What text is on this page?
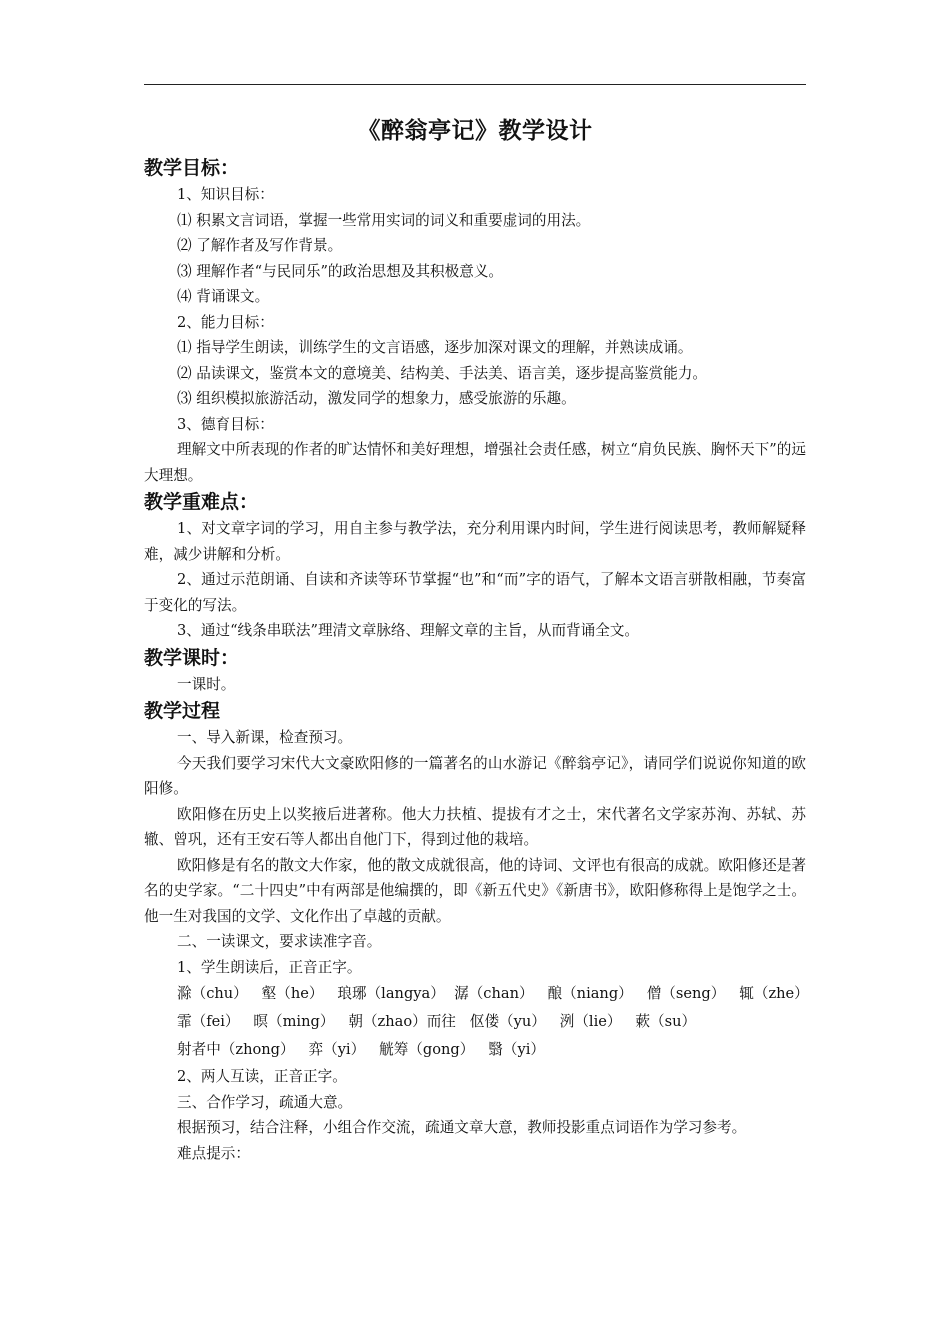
《醉翁亭记》教学设计
教学目标：
1、知识目标：
⑴ 积累文言词语，掌握一些常用实词的词义和重要虚词的用法。
⑵ 了解作者及写作背景。
⑶ 理解作者“与民同乐”的政治思想及其积极意义。
⑷ 背诵课文。
2、能力目标：
⑴ 指导学生朗读，训练学生的文言语感，逐步加深对课文的理解，并熟读成诵。
⑵ 品读课文，鉴赏本文的意境美、结构美、手法美、语言美，逐步提高鉴赏能力。
⑶ 组织模拟旅游活动，激发同学的想象力，感受旅游的乐趣。
3、德育目标：
理解文中所表现的作者的旷达情怀和美好理想，增强社会责任感，树立“肩负民族、胸怀天下”的远大理想。
教学重难点：
1、对文章字词的学习，用自主参与教学法，充分利用课内时间，学生进行阅读思考，教师解疑释难，减少讲解和分析。
2、通过示范朗诵、自读和齐读等环节掌握“也”和“而”字的语气，了解本文语言骈散相融，节奏富于变化的写法。
3、通过“线条串联法”理清文章脉络、理解文章的主旨，从而背诵全文。
教学课时：
一课时。
教学过程
一、导入新课，检查预习。
今天我们要学习宋代大文豪欧阳修的一篇著名的山水游记《醉翁亭记》，请同学们说说你知道的欧阳修。
欧阳修在历史上以奖掖后进著称。他大力扶植、提拔有才之士，宋代著名文学家苏洵、苏轼、苏辙、曾巩，还有王安石等人都出自他门下，得到过他的栽培。
欧阳修是有名的散文大作家，他的散文成就很高，他的诗词、文评也有很高的成就。欧阳修还是著名的史学家。“二十四史”中有两部是他编撰的，即《新五代史》《新唐书》，欧阳修称得上是饱学之士。他一生对我国的文学、文化作出了卓越的贡献。
二、一读课文，要求读准字音。
1、学生朗读后，正音正字。
滁（chu）   壑（he）   琅琊（langya）  潺（chan）   酿（niang）   僧（seng）   辄（zhe）
霏（fei）   暝（ming）   朝（zhao）而往   伛偻（yu）   洌（lie）   蔌（su）
射者中（zhong）   弈（yi）   觥筹（gong）   翳（yi）
2、两人互读，正音正字。
三、合作学习，疏通大意。
根据预习，结合注释，小组合作交流，疏通文章大意，教师投影重点词语作为学习参考。
难点提示：
